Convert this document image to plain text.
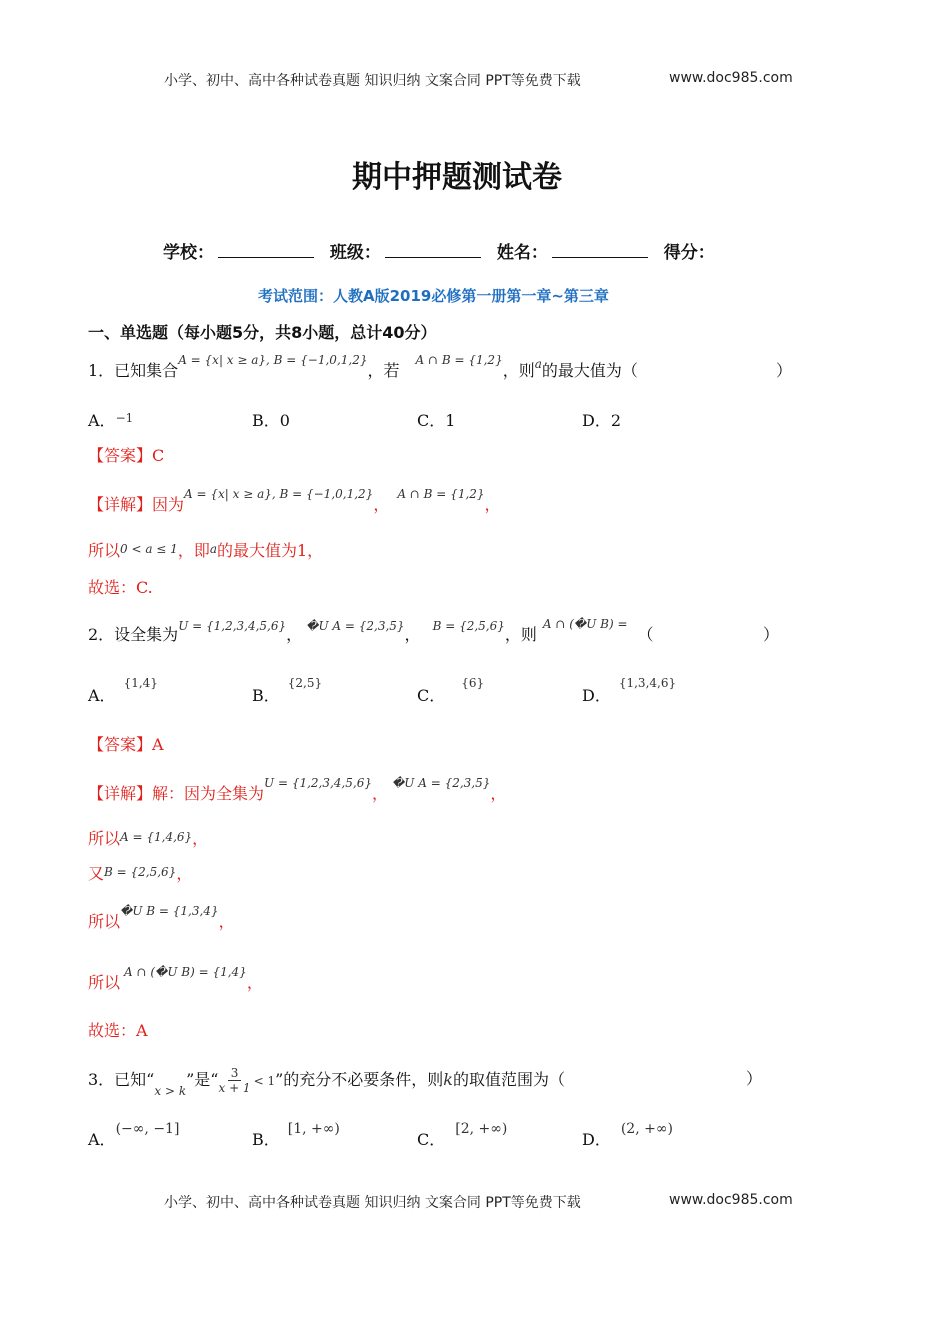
小学、初中、高中各种试卷真题 知识归纳 文案合同 PPT等免费下载	www.doc985.com
期中押题测试卷
学校：	班级：	姓名：	得分：
考试范围：人教A版2019必修第一册第一章~第三章
一、单选题（每小题5分，共8小题，总计40分）
1．已知集合$^{A = \{x| x \ge a\}, B = \{-1,0,1,2\}}$，若$^{A \cap B = \{1,2\}}$，则$^a$的最大值为（	）
A．$^{-1}$	B．0	C．1	D．2
【答案】C
【详解】因为$^{A = \{x| x \ge a\}, B = \{-1,0,1,2\}}$，$^{A \cap B = \{1,2\}}$，
所以0 < a ≤ 1，即a的最大值为1，
故选：C.
2．设全集为$^{U = \{1,2,3,4,5,6\}}$， $^{�U A = \{2,3,5\}}$， $^{B = \{2,5,6\}}$，则$^{A \cap (�U B) =}$（	）
A．$^{\{1,4\}}$
B．$^{\{2,5\}}$
C．$^{\{6\}}$
D．$^{\{1,3,4,6\}}$
【答案】A
【详解】解：因为全集为$^{U = \{1,2,3,4,5,6\}}$，$^{�U A = \{2,3,5\}}$，
所以A = {1,4,6}，
又B = {2,5,6}，
所以$^{�U B = \{1,3,4\}}$，
所以$^{A \cap (�U B) = \{1,4\}}$，
故选：A
3．已知“$_{x > k}$”是“ $\frac{3}{x + 1} < 1$”的充分不必要条件，则k的取值范围为（	）
A．(−∞, −1]
B．[1, +∞)
C．[2, +∞)
D．(2, +∞)
小学、初中、高中各种试卷真题 知识归纳 文案合同 PPT等免费下载	www.doc985.com
